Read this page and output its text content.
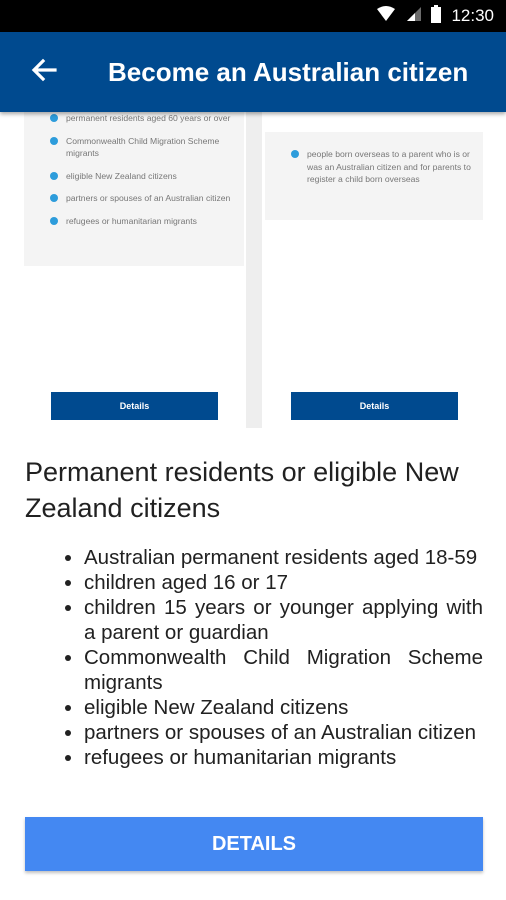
12:30
Become an Australian citizen
permanent residents aged 60 years or over
Commonwealth Child Migration Scheme migrants
eligible New Zealand citizens
partners or spouses of an Australian citizen
refugees or humanitarian migrants
people born overseas to a parent who is or was an Australian citizen and for parents to register a child born overseas
Details	Details
Permanent residents or eligible New Zealand citizens
• Australian permanent residents aged 18-59
• children aged 16 or 17
• children 15 years or younger applying with a parent or guardian
• Commonwealth Child Migration Scheme migrants
• eligible New Zealand citizens
• partners or spouses of an Australian citizen
• refugees or humanitarian migrants
DETAILS
